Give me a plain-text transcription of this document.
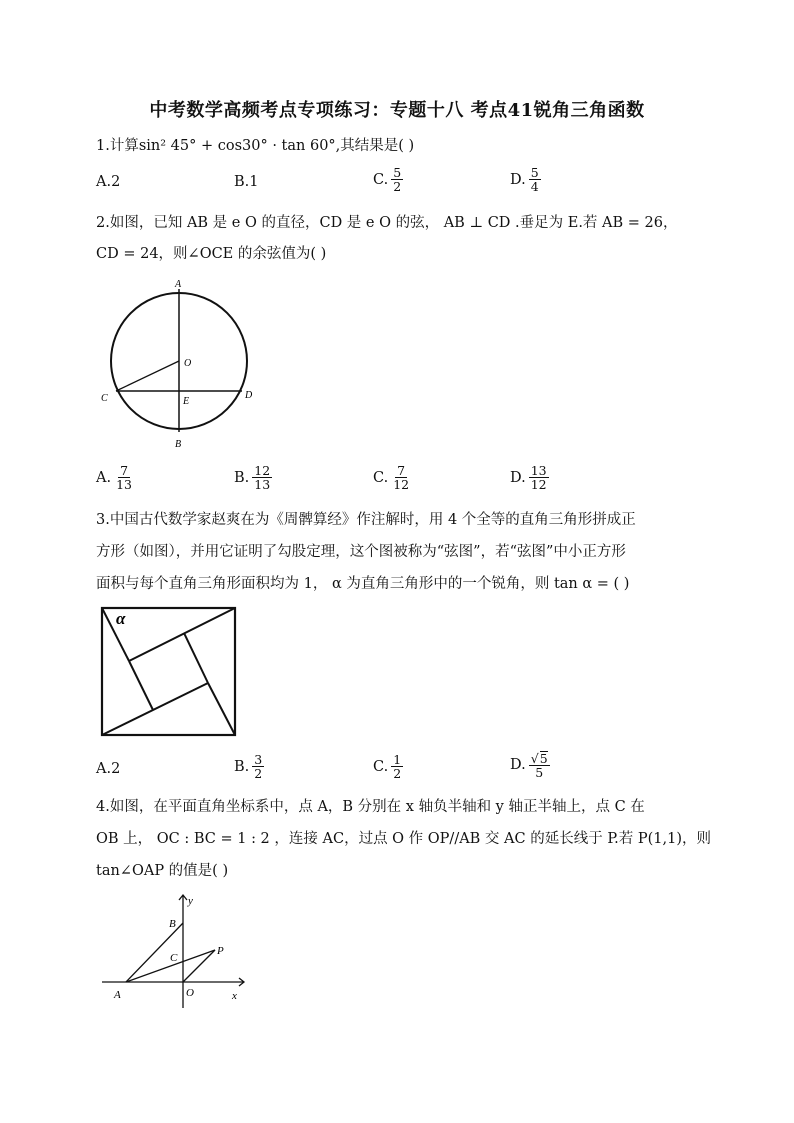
中考数学高频考点专项练习：专题十八 考点41锐角三角函数
1.计算sin² 45° + cos30° · tan 60°,其结果是( )
A.2	B.1	C. $\frac{5}{2}$	D. $\frac{5}{4}$
2.如图，已知 AB 是 e O 的直径，CD 是 e O 的弦， AB ⊥ CD .垂足为 E.若 AB = 26，
CD = 24，则∠OCE 的余弦值为( )
A
B
C	D
O
E
A. $\frac{7}{13}$	B. $\frac{12}{13}$	C. $\frac{7}{12}$	D. $\frac{13}{12}$
3.中国古代数学家赵爽在为《周髀算经》作注解时，用 4 个全等的直角三角形拼成正
方形（如图），并用它证明了勾股定理，这个图被称为“弦图”，若“弦图”中小正方形
面积与每个直角三角形面积均为 1， α 为直角三角形中的一个锐角，则 tan α = ( )
α
A.2	B. $\frac{3}{2}$	C. $\frac{1}{2}$	D. $\frac{√5}{5}$
4.如图，在平面直角坐标系中，点 A，B 分别在 x 轴负半轴和 y 轴正半轴上，点 C 在
OB 上， OC : BC = 1 : 2 ，连接 AC，过点 O 作 OP//AB 交 AC 的延长线于 P.若 P(1,1)，则
tan∠OAP 的值是( )
A
B
C
P
O	x
y
